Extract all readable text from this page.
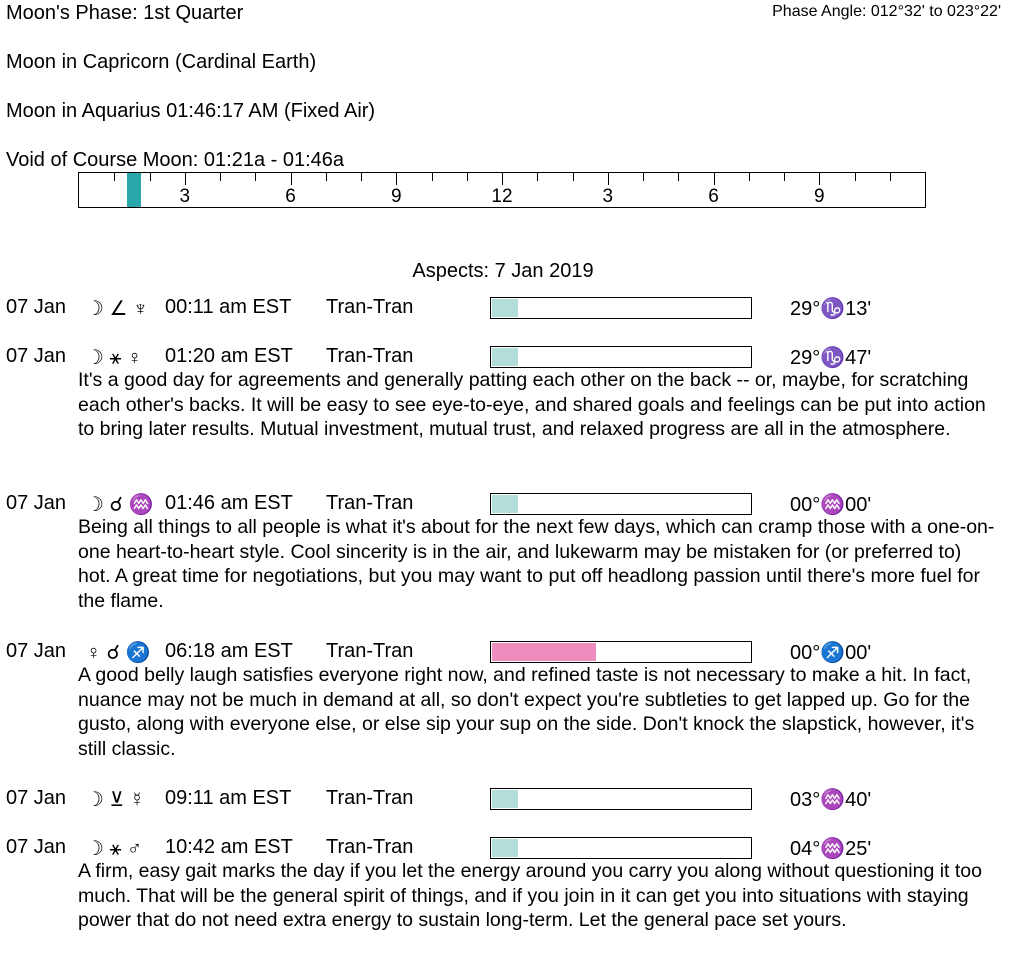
Moon's Phase: 1st Quarter	Phase Angle: 012°32' to 023°22'
Moon in Capricorn (Cardinal Earth)
Moon in Aquarius 01:46:17 AM (Fixed Air)
Void of Course Moon: 01:21a - 01:46a
3	6	9	12	3	6	9
Aspects: 7 Jan 2019
07 Jan ☽ ∠ ♆ 00:11 am EST Tran-Tran	29°♑13'
07 Jan ☽ ⚹ ♀ 01:20 am EST Tran-Tran	29°♑47'
It's a good day for agreements and generally patting each other on the back -- or, maybe, for scratching each other's backs. It will be easy to see eye-to-eye, and shared goals and feelings can be put into action to bring later results. Mutual investment, mutual trust, and relaxed progress are all in the atmosphere.
07 Jan ☽ ☌ ♒ 01:46 am EST Tran-Tran	00°♒00'
Being all things to all people is what it's about for the next few days, which can cramp those with a one-on-one heart-to-heart style. Cool sincerity is in the air, and lukewarm may be mistaken for (or preferred to) hot. A great time for negotiations, but you may want to put off headlong passion until there's more fuel for the flame.
07 Jan ♀ ☌ ♐ 06:18 am EST Tran-Tran	00°♐00'
A good belly laugh satisfies everyone right now, and refined taste is not necessary to make a hit. In fact, nuance may not be much in demand at all, so don't expect you're subtleties to get lapped up. Go for the gusto, along with everyone else, or else sip your sup on the side. Don't knock the slapstick, however, it's still classic.
07 Jan ☽ ⊻ ☿ 09:11 am EST Tran-Tran	03°♒40'
07 Jan ☽ ⚹ ♂ 10:42 am EST Tran-Tran	04°♒25'
A firm, easy gait marks the day if you let the energy around you carry you along without questioning it too much. That will be the general spirit of things, and if you join in it can get you into situations with staying power that do not need extra energy to sustain long-term. Let the general pace set yours.
